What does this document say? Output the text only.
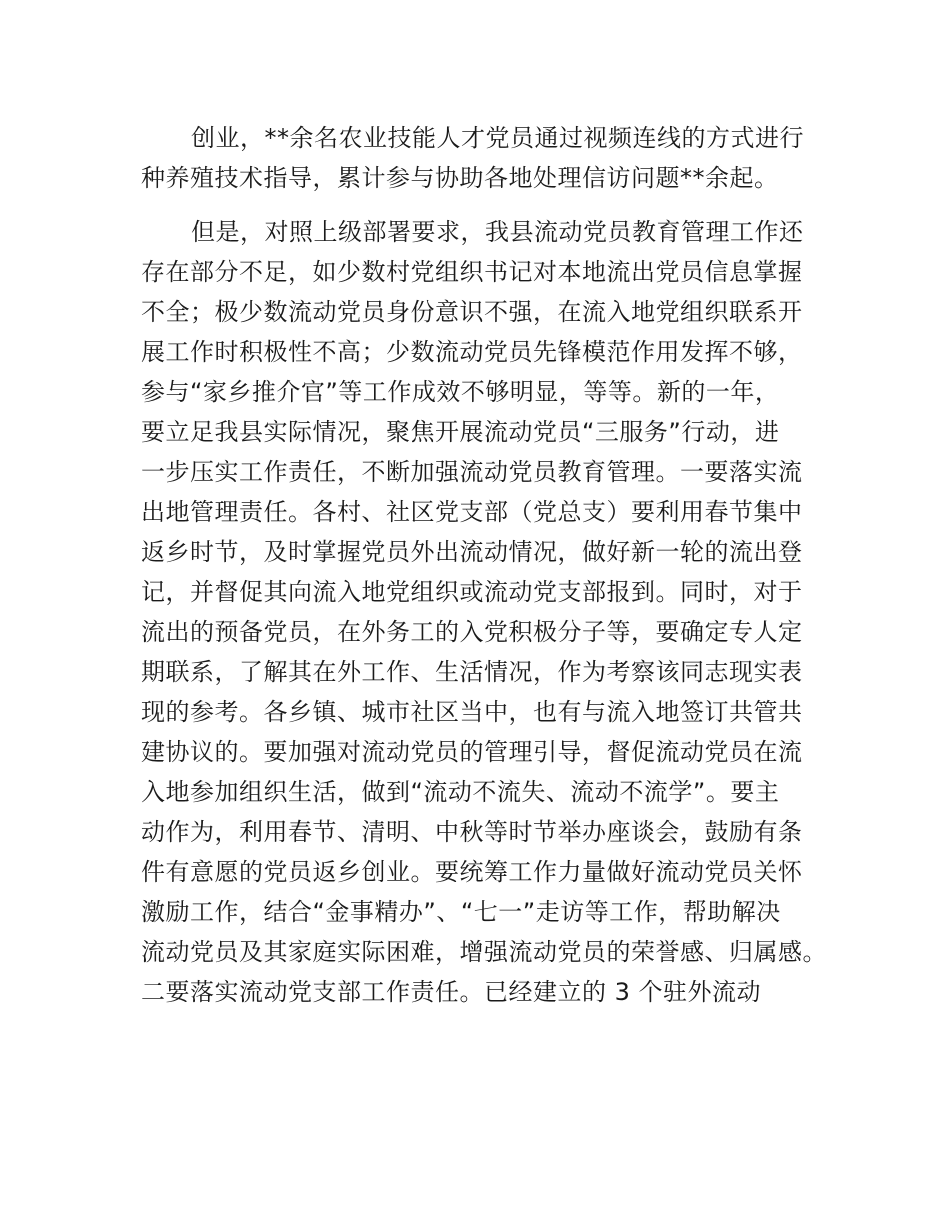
创业，**余名农业技能人才党员通过视频连线的方式进行
种养殖技术指导，累计参与协助各地处理信访问题**余起。
但是，对照上级部署要求，我县流动党员教育管理工作还
存在部分不足，如少数村党组织书记对本地流出党员信息掌握
不全；极少数流动党员身份意识不强，在流入地党组织联系开
展工作时积极性不高；少数流动党员先锋模范作用发挥不够，
参与“家乡推介官”等工作成效不够明显，等等。新的一年，
要立足我县实际情况，聚焦开展流动党员“三服务”行动，进
一步压实工作责任，不断加强流动党员教育管理。一要落实流
出地管理责任。各村、社区党支部（党总支）要利用春节集中
返乡时节，及时掌握党员外出流动情况，做好新一轮的流出登
记，并督促其向流入地党组织或流动党支部报到。同时，对于
流出的预备党员，在外务工的入党积极分子等，要确定专人定
期联系，了解其在外工作、生活情况，作为考察该同志现实表
现的参考。各乡镇、城市社区当中，也有与流入地签订共管共
建协议的。要加强对流动党员的管理引导，督促流动党员在流
入地参加组织生活，做到“流动不流失、流动不流学”。要主
动作为，利用春节、清明、中秋等时节举办座谈会，鼓励有条
件有意愿的党员返乡创业。要统筹工作力量做好流动党员关怀
激励工作，结合“金事精办”、“七一”走访等工作，帮助解决
流动党员及其家庭实际困难，增强流动党员的荣誉感、归属感。
二要落实流动党支部工作责任。已经建立的 3 个驻外流动
